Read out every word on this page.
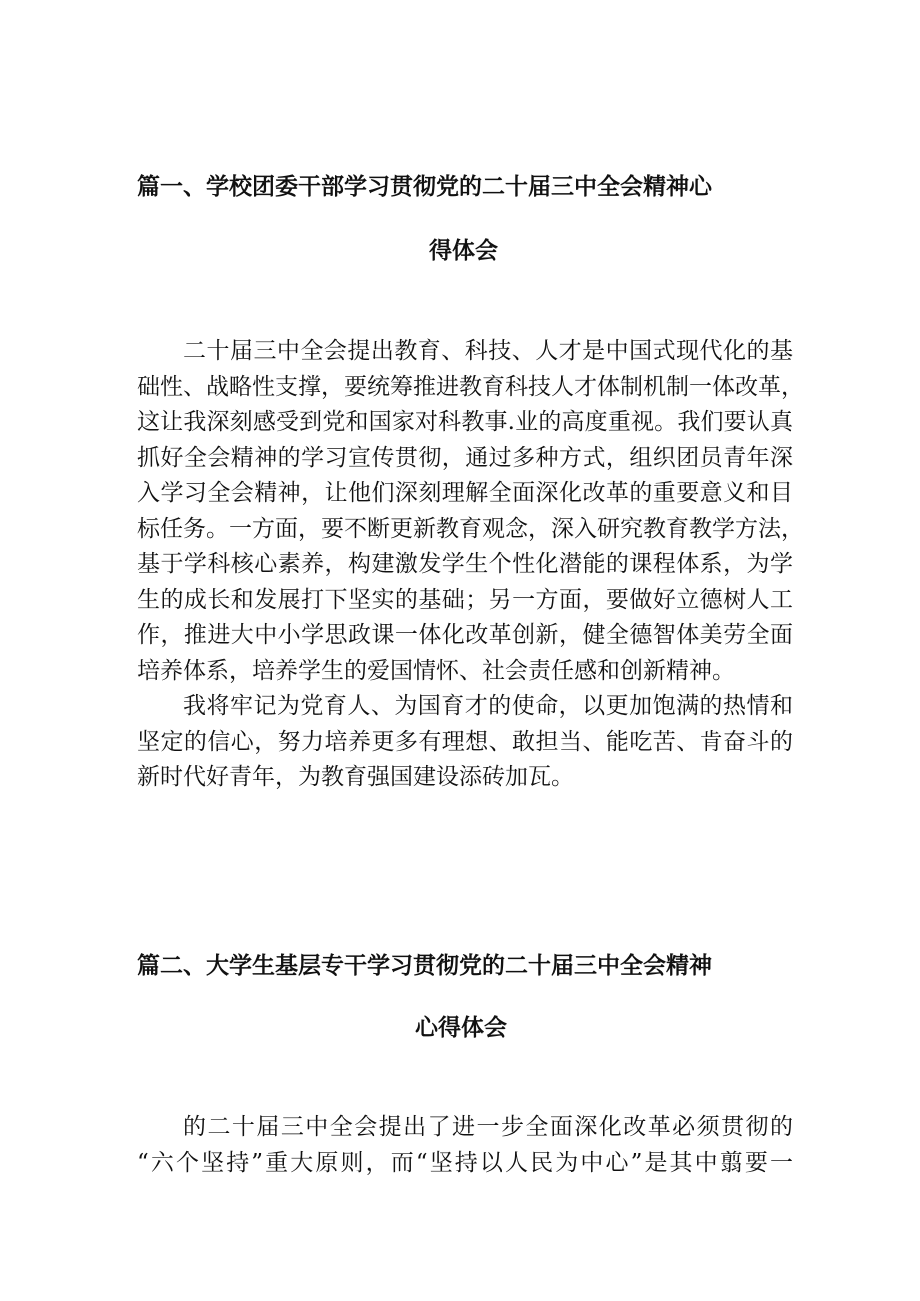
篇一、学校团委干部学习贯彻党的二十届三中全会精神心
得体会
二十届三中全会提出教育、科技、人才是中国式现代化的基
础性、战略性支撑，要统筹推进教育科技人才体制机制一体改革，
这让我深刻感受到党和国家对科教事.业的高度重视。我们要认真
抓好全会精神的学习宣传贯彻，通过多种方式，组织团员青年深
入学习全会精神，让他们深刻理解全面深化改革的重要意义和目
标任务。一方面，要不断更新教育观念，深入研究教育教学方法，
基于学科核心素养，构建激发学生个性化潜能的课程体系，为学
生的成长和发展打下坚实的基础；另一方面，要做好立德树人工
作，推进大中小学思政课一体化改革创新，健全德智体美劳全面
培养体系，培养学生的爱国情怀、社会责任感和创新精神。
我将牢记为党育人、为国育才的使命，以更加饱满的热情和
坚定的信心，努力培养更多有理想、敢担当、能吃苦、肯奋斗的
新时代好青年，为教育强国建设添砖加瓦。
篇二、大学生基层专干学习贯彻党的二十届三中全会精神
心得体会
的二十届三中全会提出了进一步全面深化改革必须贯彻的
“六个坚持”重大原则，而“坚持以人民为中心”是其中翦要一
